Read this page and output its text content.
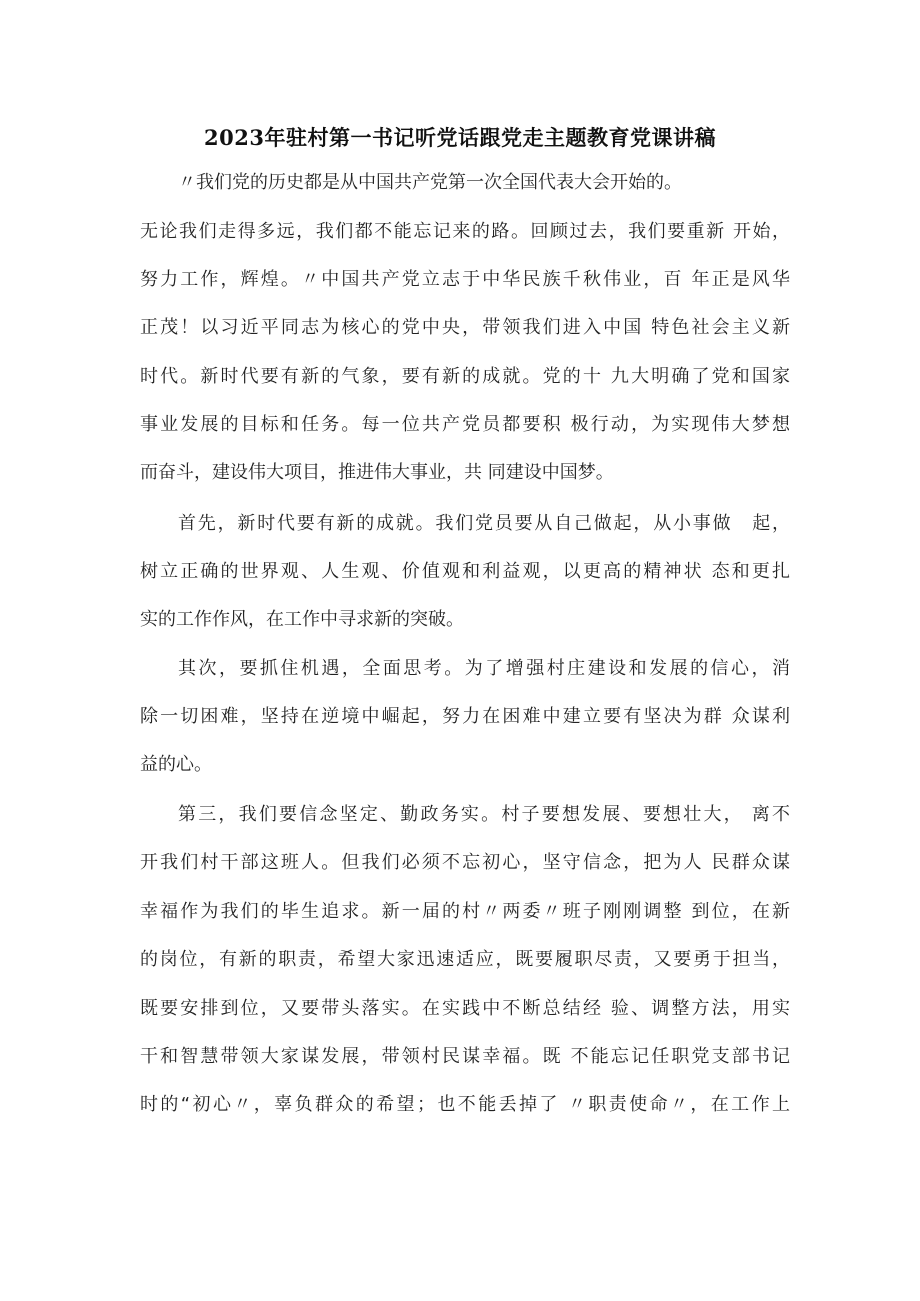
2023年驻村第一书记听党话跟党走主题教育党课讲稿
〃我们党的历史都是从中国共产党第一次全国代表大会开始的。
无论我们走得多远，我们都不能忘记来的路。回顾过去，我们要重新 开始，
努力工作，辉煌。〃中国共产党立志于中华民族千秋伟业，百 年正是风华
正茂！以习近平同志为核心的党中央，带领我们进入中国 特色社会主义新
时代。新时代要有新的气象，要有新的成就。党的十 九大明确了党和国家
事业发展的目标和任务。每一位共产党员都要积 极行动，为实现伟大梦想
而奋斗，建设伟大项目，推进伟大事业，共 同建设中国梦。
首先，新时代要有新的成就。我们党员要从自己做起，从小事做　起，
树立正确的世界观、人生观、价值观和利益观，以更高的精神状 态和更扎
实的工作作风，在工作中寻求新的突破。
其次，要抓住机遇，全面思考。为了增强村庄建设和发展的信心，消
除一切困难，坚持在逆境中崛起，努力在困难中建立要有坚决为群 众谋利
益的心。
第三，我们要信念坚定、勤政务实。村子要想发展、要想壮大， 离不
开我们村干部这班人。但我们必须不忘初心，坚守信念，把为人 民群众谋
幸福作为我们的毕生追求。新一届的村〃两委〃班子刚刚调整 到位，在新
的岗位，有新的职责，希望大家迅速适应，既要履职尽责，又要勇于担当，
既要安排到位，又要带头落实。在实践中不断总结经 验、调整方法，用实
干和智慧带领大家谋发展，带领村民谋幸福。既 不能忘记任职党支部书记
时的“初心〃，辜负群众的希望；也不能丢掉了 〃职责使命〃，在工作上
